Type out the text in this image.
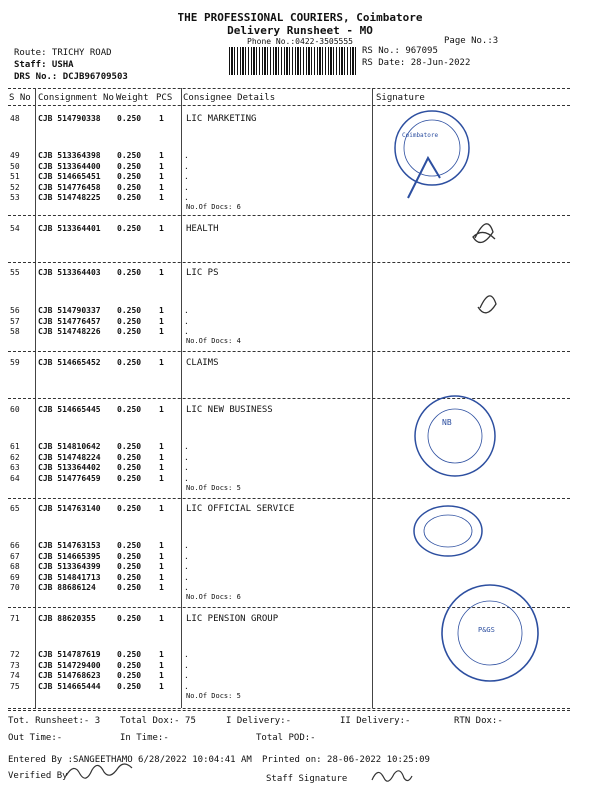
THE PROFESSIONAL COURIERS, Coimbatore
Delivery Runsheet - MO
Phone No.:0422-3505555	Page No.:3
Route: TRICHY ROAD
Staff: USHA
DRS No.: DCJB96709503
RS No.: 967095
RS Date: 28-Jun-2022
S No Consignment No Weight PCS Consignee Details	Signature
48 CJB 514790338 0.250 1 LIC MARKETING
49 CJB 513364398 0.250 1	.
50 CJB 513364400 0.250 1	.
51 CJB 514665451 0.250 1	.
52 CJB 514776458 0.250 1	.
53 CJB 514748225 0.250 1	.
No.Of Docs: 6
54 CJB 513364401 0.250 1 HEALTH
55 CJB 513364403 0.250 1 LIC PS
56 CJB 514790337 0.250 1	.
57 CJB 514776457 0.250 1	.
58 CJB 514748226 0.250 1	.
No.Of Docs: 4
59 CJB 514665452 0.250 1 CLAIMS
60 CJB 514665445 0.250 1 LIC NEW BUSINESS
61 CJB 514810642 0.250 1	.
62 CJB 514748224 0.250 1	.
63 CJB 513364402 0.250 1	.
64 CJB 514776459 0.250 1	.
No.Of Docs: 5
65 CJB 514763140 0.250 1 LIC OFFICIAL SERVICE
66 CJB 514763153 0.250 1	.
67 CJB 514665395 0.250 1	.
68 CJB 513364399 0.250 1	.
69 CJB 514841713 0.250 1	.
70 CJB 88686124	0.250 1	.
No.Of Docs: 6
71 CJB 88620355	0.250 1 LIC PENSION GROUP
72 CJB 514787619 0.250 1	.
73 CJB 514729400 0.250 1	.
74 CJB 514768623 0.250 1	.
75 CJB 514665444 0.250 1	.
No.Of Docs: 5
Coimbatore
NB
P&GS
Tot. Runsheet:- 3 Total Dox:- 75	I Delivery:-	II Delivery:-	RTN Dox:-
Out Time:-	In Time:-	Total POD:-
Entered By :SANGEETHAMO 6/28/2022 10:04:41 AM Printed on: 28-06-2022 10:25:09
Verified By	Staff Signature
